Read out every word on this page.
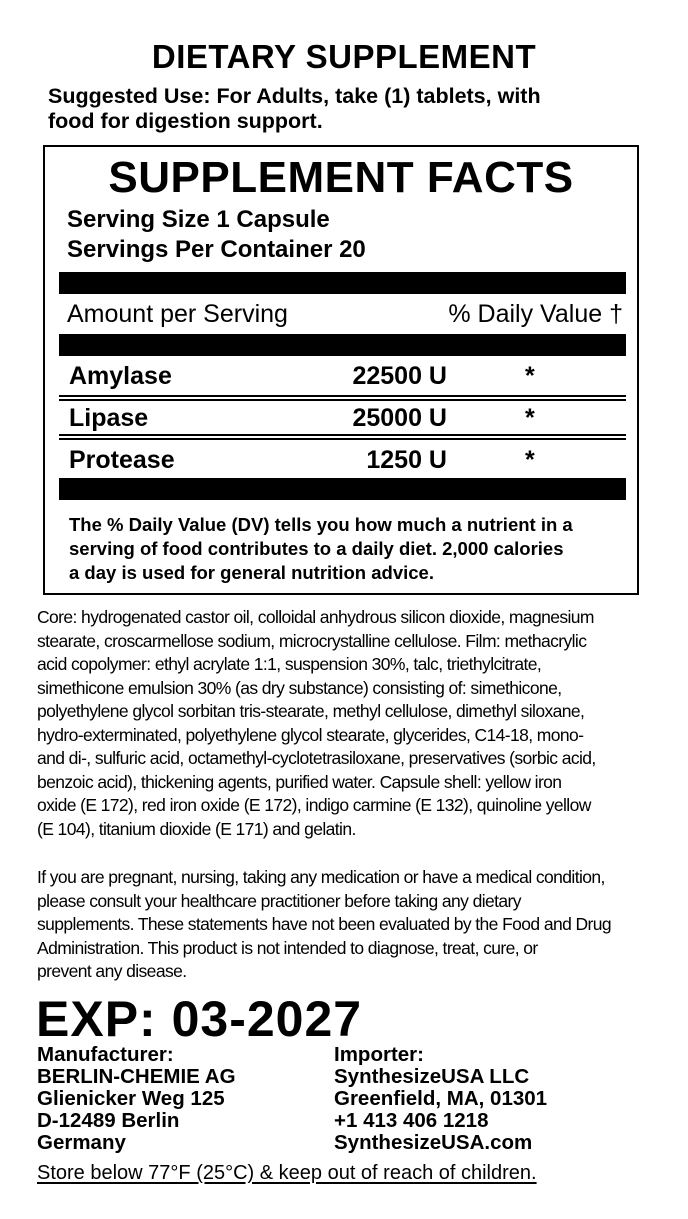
DIETARY SUPPLEMENT
Suggested Use: For Adults, take (1) tablets, with
food for digestion support.
SUPPLEMENT FACTS
Serving Size 1 Capsule
Servings Per Container 20
Amount per Serving	% Daily Value †
Amylase	22500 U	*
Lipase	25000 U	*
Protease	1250 U	*
The % Daily Value (DV) tells you how much a nutrient in a
serving of food contributes to a daily diet. 2,000 calories
a day is used for general nutrition advice.
Core: hydrogenated castor oil, colloidal anhydrous silicon dioxide, magnesium
stearate, croscarmellose sodium, microcrystalline cellulose. Film: methacrylic
acid copolymer: ethyl acrylate 1:1, suspension 30%, talc, triethylcitrate,
simethicone emulsion 30% (as dry substance) consisting of: simethicone,
polyethylene glycol sorbitan tris-stearate, methyl cellulose, dimethyl siloxane,
hydro-exterminated, polyethylene glycol stearate, glycerides, C14-18, mono-
and di-, sulfuric acid, octamethyl-cyclotetrasiloxane, preservatives (sorbic acid,
benzoic acid), thickening agents, purified water. Capsule shell: yellow iron
oxide (E 172), red iron oxide (E 172), indigo carmine (E 132), quinoline yellow
(E 104), titanium dioxide (E 171) and gelatin.
If you are pregnant, nursing, taking any medication or have a medical condition,
please consult your healthcare practitioner before taking any dietary
supplements. These statements have not been evaluated by the Food and Drug
Administration. This product is not intended to diagnose, treat, cure, or
prevent any disease.
EXP: 03-2027
Manufacturer:
BERLIN-CHEMIE AG
Glienicker Weg 125
D-12489 Berlin
Germany
Importer:
SynthesizeUSA LLC
Greenfield, MA, 01301
+1 413 406 1218
SynthesizeUSA.com
Store below 77°F (25°C) & keep out of reach of children.
